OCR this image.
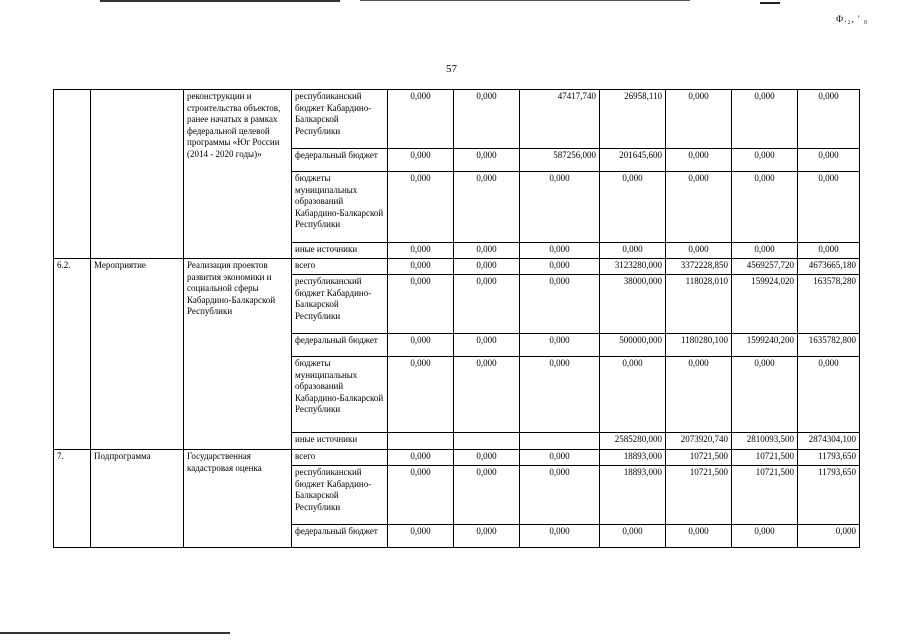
Ф.₂, ' ₀
57
		реконструкции и строительства объектов, ранее начатых в рамках федеральной целевой программы «Юг России (2014 - 2020 годы)»	республиканский бюджет Кабардино-Балкарской Республики	0,000	0,000	47417,740	26958,110	0,000	0,000	0,000
			федеральный бюджет	0,000	0,000	587256,000	201645,600	0,000	0,000	0,000
			бюджеты муниципальных образований Кабардино-Балкарской Республики	0,000	0,000	0,000	0,000	0,000	0,000	0,000
			иные источники	0,000	0,000	0,000	0,000	0,000	0,000	0,000
6.2.	Мероприятие	Реализация проектов развития экономики и социальной сферы Кабардино-Балкарской Республики	всего	0,000	0,000	0,000	3123280,000	3372228,850	4569257,720	4673665,180
			республиканский бюджет Кабардино-Балкарской Республики	0,000	0,000	0,000	38000,000	118028,010	159924,020	163578,280
			федеральный бюджет	0,000	0,000	0,000	500000,000	1180280,100	1599240,200	1635782,800
			бюджеты муниципальных образований Кабардино-Балкарской Республики	0,000	0,000	0,000	0,000	0,000	0,000	0,000
			иные источники				2585280,000	2073920,740	2810093,500	2874304,100
7.	Подпрограмма	Государственная кадастровая оценка	всего	0,000	0,000	0,000	18893,000	10721,500	10721,500	11793,650
			республиканский бюджет Кабардино-Балкарской Республики	0,000	0,000	0,000	18893,000	10721,500	10721,500	11793,650
			федеральный бюджет	0,000	0,000	0,000	0,000	0,000	0,000	0,000
